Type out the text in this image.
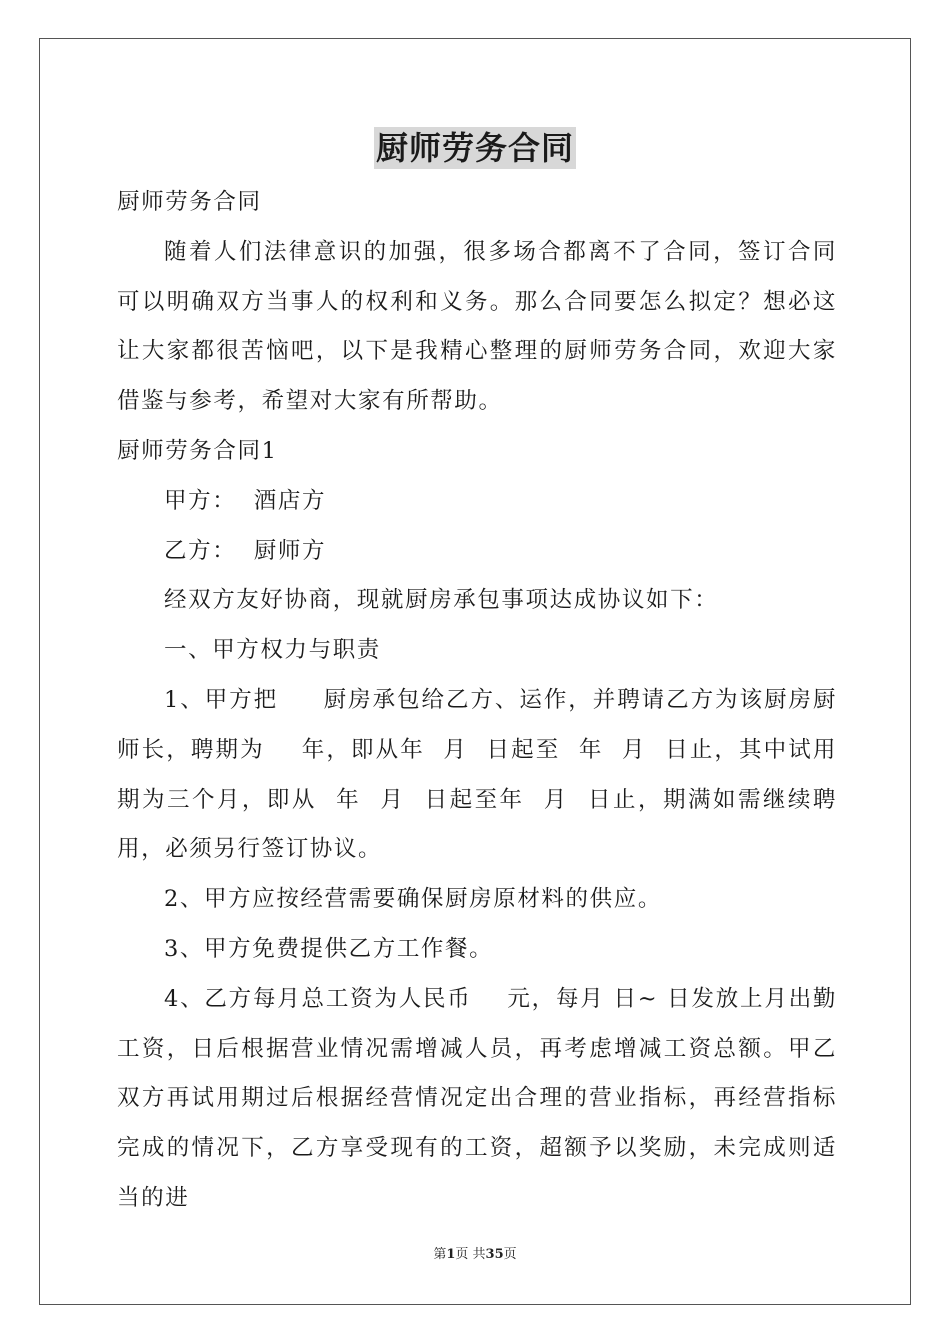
厨师劳务合同

厨师劳务合同

随着人们法律意识的加强，很多场合都离不了合同，签订合同可以明确双方当事人的权利和义务。那么合同要怎么拟定？想必这让大家都很苦恼吧，以下是我精心整理的厨师劳务合同，欢迎大家借鉴与参考，希望对大家有所帮助。

厨师劳务合同1

甲方：  酒店方

乙方：  厨师方

经双方友好协商，现就厨房承包事项达成协议如下：

一、甲方权力与职责

1、甲方把     厨房承包给乙方、运作，并聘请乙方为该厨房厨师长，聘期为    年，即从年  月  日起至  年  月  日止，其中试用期为三个月，即从  年  月  日起至年  月  日止，期满如需继续聘用，必须另行签订协议。

2、甲方应按经营需要确保厨房原材料的供应。

3、甲方免费提供乙方工作餐。

4、乙方每月总工资为人民币    元，每月 日~ 日发放上月出勤工资，日后根据营业情况需增减人员，再考虑增减工资总额。甲乙双方再试用期过后根据经营情况定出合理的营业指标，再经营指标完成的情况下，乙方享受现有的工资，超额予以奖励，未完成则适当的进

第1页 共35页
